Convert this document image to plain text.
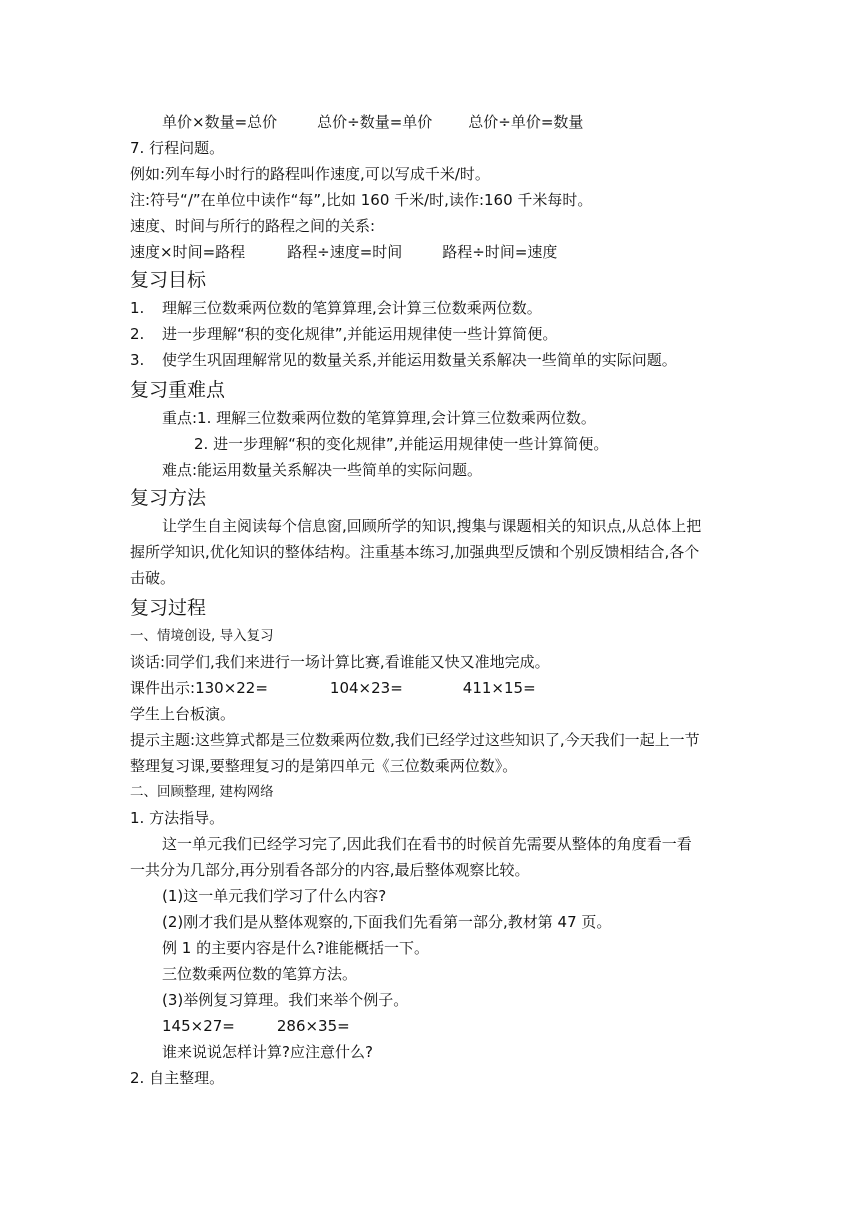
单价×数量=总价	总价÷数量=单价 总价÷单价=数量
7. 行程问题。
例如:列车每小时行的路程叫作速度,可以写成千米/时。
注:符号“/”在单位中读作“每”,比如 160 千米/时,读作:160 千米每时。
速度、时间与所行的路程之间的关系:
速度×时间=路程	路程÷速度=时间	路程÷时间=速度
复习目标
1. 理解三位数乘两位数的笔算算理,会计算三位数乘两位数。
2. 进一步理解“积的变化规律”,并能运用规律使一些计算简便。
3. 使学生巩固理解常见的数量关系,并能运用数量关系解决一些简单的实际问题。
复习重难点
重点:1. 理解三位数乘两位数的笔算算理,会计算三位数乘两位数。
2. 进一步理解“积的变化规律”,并能运用规律使一些计算简便。
难点:能运用数量关系解决一些简单的实际问题。
复习方法
让学生自主阅读每个信息窗,回顾所学的知识,搜集与课题相关的知识点,从总体上把
握所学知识,优化知识的整体结构。注重基本练习,加强典型反馈和个别反馈相结合,各个
击破。
复习过程
一、情境创设, 导入复习
谈话:同学们,我们来进行一场计算比赛,看谁能又快又准地完成。
课件出示:130×22=	104×23=	411×15=
学生上台板演。
提示主题:这些算式都是三位数乘两位数,我们已经学过这些知识了,今天我们一起上一节
整理复习课,要整理复习的是第四单元《三位数乘两位数》。
二、回顾整理, 建构网络
1. 方法指导。
这一单元我们已经学习完了,因此我们在看书的时候首先需要从整体的角度看一看
一共分为几部分,再分别看各部分的内容,最后整体观察比较。
(1)这一单元我们学习了什么内容?
(2)刚才我们是从整体观察的,下面我们先看第一部分,教材第 47 页。
例 1 的主要内容是什么?谁能概括一下。
三位数乘两位数的笔算方法。
(3)举例复习算理。我们来举个例子。
145×27=	286×35=
谁来说说怎样计算?应注意什么?
2. 自主整理。
